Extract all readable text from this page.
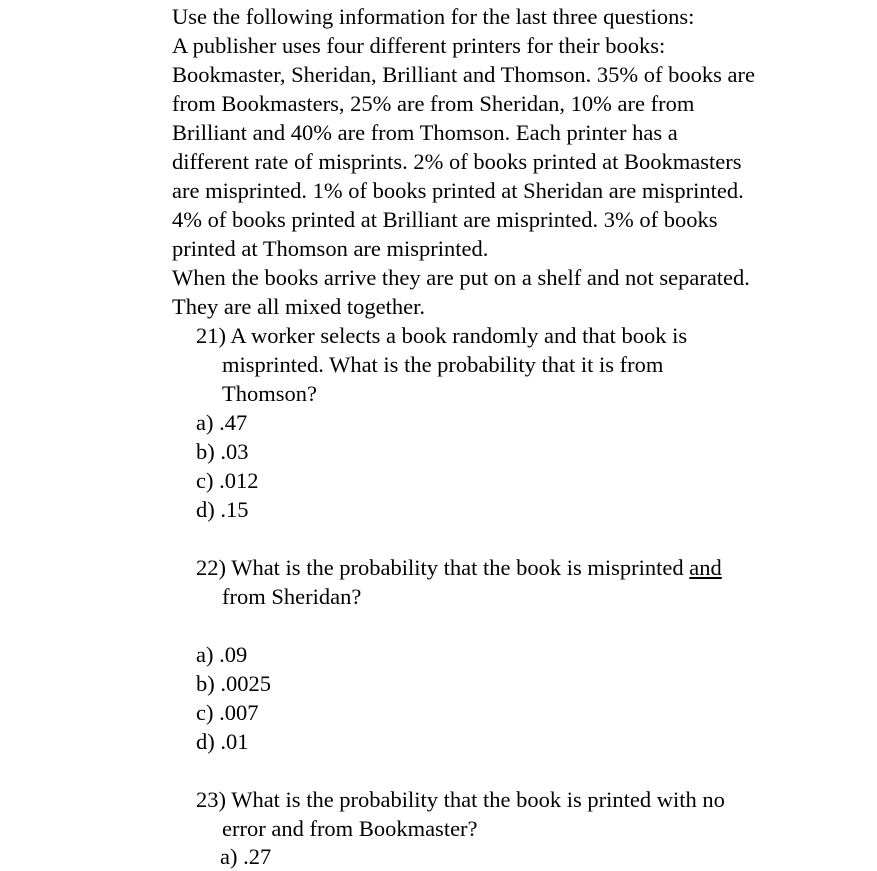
Use the following information for the last three questions:
A publisher uses four different printers for their books:
Bookmaster, Sheridan, Brilliant and Thomson. 35% of books are
from Bookmasters, 25% are from Sheridan, 10% are from
Brilliant and 40% are from Thomson. Each printer has a
different rate of misprints. 2% of books printed at Bookmasters
are misprinted. 1% of books printed at Sheridan are misprinted.
4% of books printed at Brilliant are misprinted. 3% of books
printed at Thomson are misprinted.
When the books arrive they are put on a shelf and not separated.
They are all mixed together.
21) A worker selects a book randomly and that book is
misprinted. What is the probability that it is from
Thomson?
a) .47
b) .03
c) .012
d) .15
22) What is the probability that the book is misprinted and
from Sheridan?
a) .09
b) .0025
c) .007
d) .01
23) What is the probability that the book is printed with no
error and from Bookmaster?
a) .27
